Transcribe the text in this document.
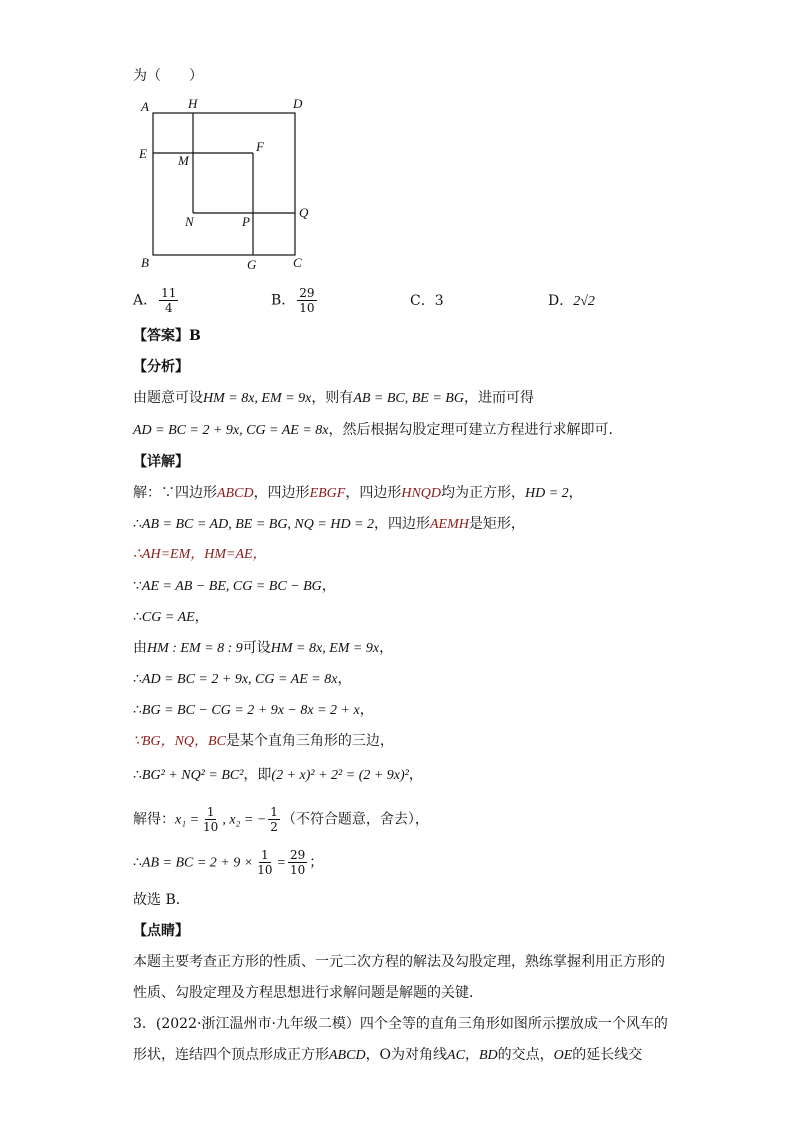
为（　　）
A	H	D
E M
F
N	P
Q
B	G	C
A． $\frac{11}{4}$	B． $\frac{29}{10}$	C．3	D．2√2
【答案】B
【分析】
由题意可设HM = 8x, EM = 9x，则有AB = BC, BE = BG，进而可得
AD = BC = 2 + 9x, CG = AE = 8x，然后根据勾股定理可建立方程进行求解即可．
【详解】
解：∵四边形ABCD，四边形EBGF，四边形HNQD均为正方形，HD = 2，
∴AB = BC = AD, BE = BG, NQ = HD = 2，四边形AEMH是矩形，
∴AH=EM，HM=AE，
∵AE = AB − BE, CG = BC − BG，
∴CG = AE，
由HM : EM = 8 : 9可设HM = 8x, EM = 9x，
∴AD = BC = 2 + 9x, CG = AE = 8x，
∴BG = BC − CG = 2 + 9x − 8x = 2 + x，
∵BG，NQ，BC是某个直角三角形的三边，
∴BG² + NQ² = BC²，即(2 + x)² + 2² = (2 + 9x)²，
解得：$x_1 = \frac{1}{10}$ , x₂ = − $\frac{1}{2}$ （不符合题意，舍去），
∴AB = BC = $2 + 9 \times \frac{1}{10} = \frac{29}{10}$ ；
故选 B．
【点睛】
本题主要考查正方形的性质、一元二次方程的解法及勾股定理，熟练掌握利用正方形的
性质、勾股定理及方程思想进行求解问题是解题的关键．
3．(2022·浙江温州市·九年级二模）四个全等的直角三角形如图所示摆放成一个风车的
形状，连结四个顶点形成正方形ABCD，O为对角线AC，BD的交点，OE的延长线交
